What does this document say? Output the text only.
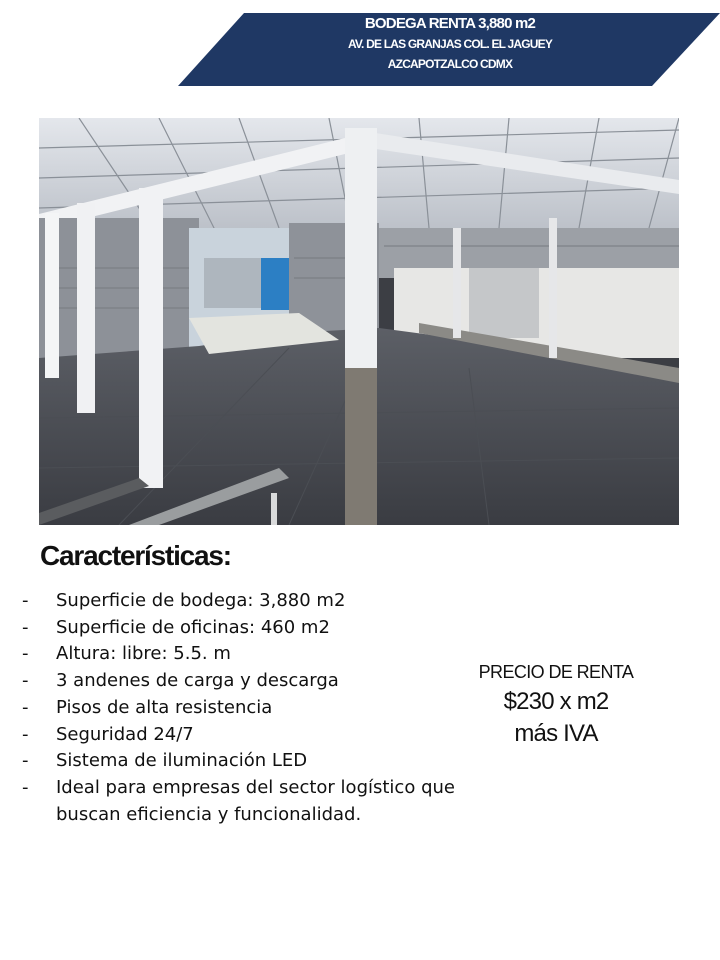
BODEGA RENTA 3,880 m2
AV. DE LAS GRANJAS COL. EL JAGUEY
AZCAPOTZALCO CDMX
Características:
- Superficie de bodega: 3,880 m2
- Superficie de oficinas: 460 m2
- Altura: libre: 5.5. m
- 3 andenes de carga y descarga
- Pisos de alta resistencia
- Seguridad 24/7
- Sistema de iluminación LED
- Ideal para empresas del sector logístico que buscan eficiencia y funcionalidad.
PRECIO DE RENTA
$230 x m2
más IVA
